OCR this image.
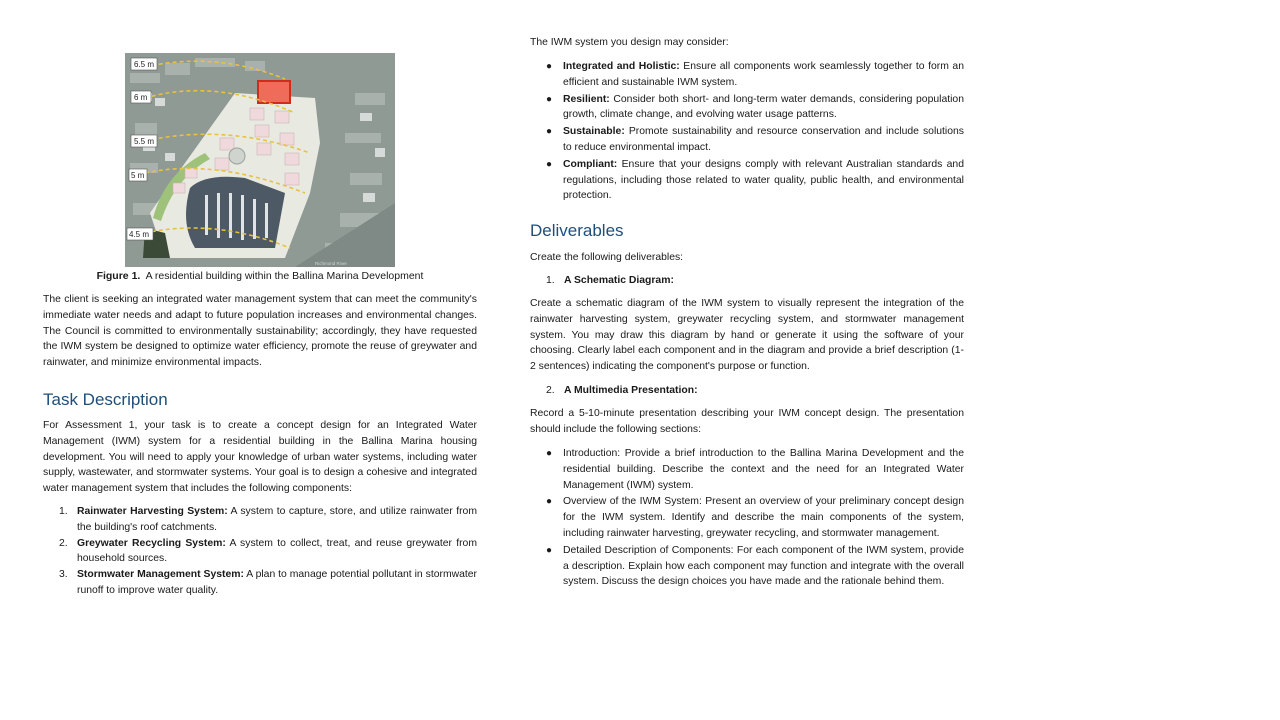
6.5 m
6 m
5.5 m
5 m
4.5 m
Richmond River
Figure 1. A residential building within the Ballina Marina Development

The client is seeking an integrated water management system that can meet the community's immediate water needs and adapt to future population increases and environmental changes. The Council is committed to environmentally sustainability; accordingly, they have requested the IWM system be designed to optimize water efficiency, promote the reuse of greywater and rainwater, and minimize environmental impacts.

Task Description

For Assessment 1, your task is to create a concept design for an Integrated Water Management (IWM) system for a residential building in the Ballina Marina housing development. You will need to apply your knowledge of urban water systems, including water supply, wastewater, and stormwater systems. Your goal is to design a cohesive and integrated water management system that includes the following components:

1. Rainwater Harvesting System: A system to capture, store, and utilize rainwater from the building's roof catchments.
2. Greywater Recycling System: A system to collect, treat, and reuse greywater from household sources.
3. Stormwater Management System: A plan to manage potential pollutant in stormwater runoff to improve water quality.

The IWM system you design may consider:

● Integrated and Holistic: Ensure all components work seamlessly together to form an efficient and sustainable IWM system.
● Resilient: Consider both short- and long-term water demands, considering population growth, climate change, and evolving water usage patterns.
● Sustainable: Promote sustainability and resource conservation and include solutions to reduce environmental impact.
● Compliant: Ensure that your designs comply with relevant Australian standards and regulations, including those related to water quality, public health, and environmental protection.
Deliverables

Create the following deliverables:

1. A Schematic Diagram:

Create a schematic diagram of the IWM system to visually represent the integration of the rainwater harvesting system, greywater recycling system, and stormwater management system. You may draw this diagram by hand or generate it using the software of your choosing. Clearly label each component and in the diagram and provide a brief description (1-2 sentences) indicating the component's purpose or function.

2. A Multimedia Presentation:

Record a 5-10-minute presentation describing your IWM concept design. The presentation should include the following sections:

● Introduction: Provide a brief introduction to the Ballina Marina Development and the residential building. Describe the context and the need for an Integrated Water Management (IWM) system.
● Overview of the IWM System: Present an overview of your preliminary concept design for the IWM system. Identify and describe the main components of the system, including rainwater harvesting, greywater recycling, and stormwater management.
● Detailed Description of Components: For each component of the IWM system, provide a description. Explain how each component may function and integrate with the overall system. Discuss the design choices you have made and the rationale behind them.
